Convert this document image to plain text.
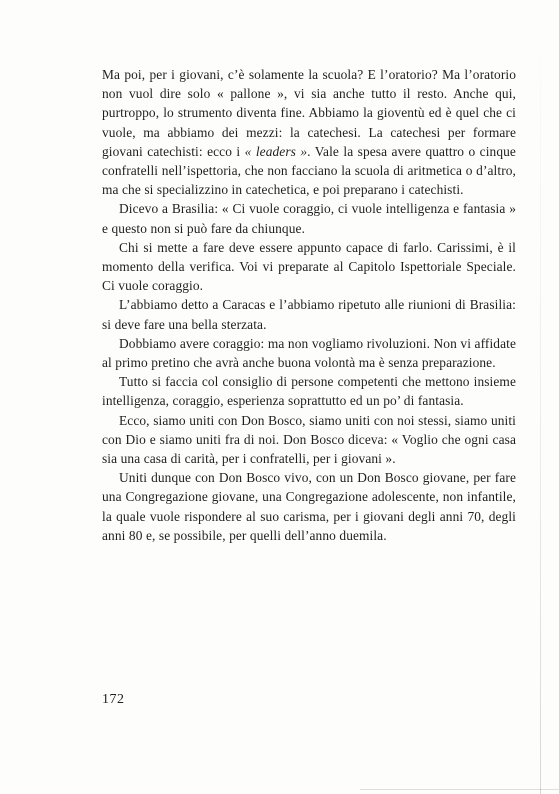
Ma poi, per i giovani, c’è solamente la scuola? E l’oratorio? Ma l’oratorio non vuol dire solo « pallone », vi sia anche tutto il resto. Anche qui, purtroppo, lo strumento diventa fine. Abbiamo la gioventù ed è quel che ci vuole, ma abbiamo dei mezzi: la catechesi. La catechesi per formare giovani catechisti: ecco i « leaders ». Vale la spesa avere quattro o cinque confratelli nell’ispettoria, che non facciano la scuola di aritmetica o d’altro, ma che si specializzino in catechetica, e poi preparano i catechisti.

Dicevo a Brasilia: « Ci vuole coraggio, ci vuole intelligenza e fantasia » e questo non si può fare da chiunque.

Chi si mette a fare deve essere appunto capace di farlo. Carissimi, è il momento della verifica. Voi vi preparate al Capitolo Ispettoriale Speciale. Ci vuole coraggio.

L’abbiamo detto a Caracas e l’abbiamo ripetuto alle riunioni di Brasilia: si deve fare una bella sterzata.

Dobbiamo avere coraggio: ma non vogliamo rivoluzioni. Non vi affidate al primo pretino che avrà anche buona volontà ma è senza preparazione.

Tutto si faccia col consiglio di persone competenti che mettono insieme intelligenza, coraggio, esperienza soprattutto ed un po’ di fantasia.

Ecco, siamo uniti con Don Bosco, siamo uniti con noi stessi, siamo uniti con Dio e siamo uniti fra di noi. Don Bosco diceva: « Voglio che ogni casa sia una casa di carità, per i confratelli, per i giovani ».

Uniti dunque con Don Bosco vivo, con un Don Bosco giovane, per fare una Congregazione giovane, una Congregazione adolescente, non infantile, la quale vuole rispondere al suo carisma, per i giovani degli anni 70, degli anni 80 e, se possibile, per quelli dell’anno duemila.

172
